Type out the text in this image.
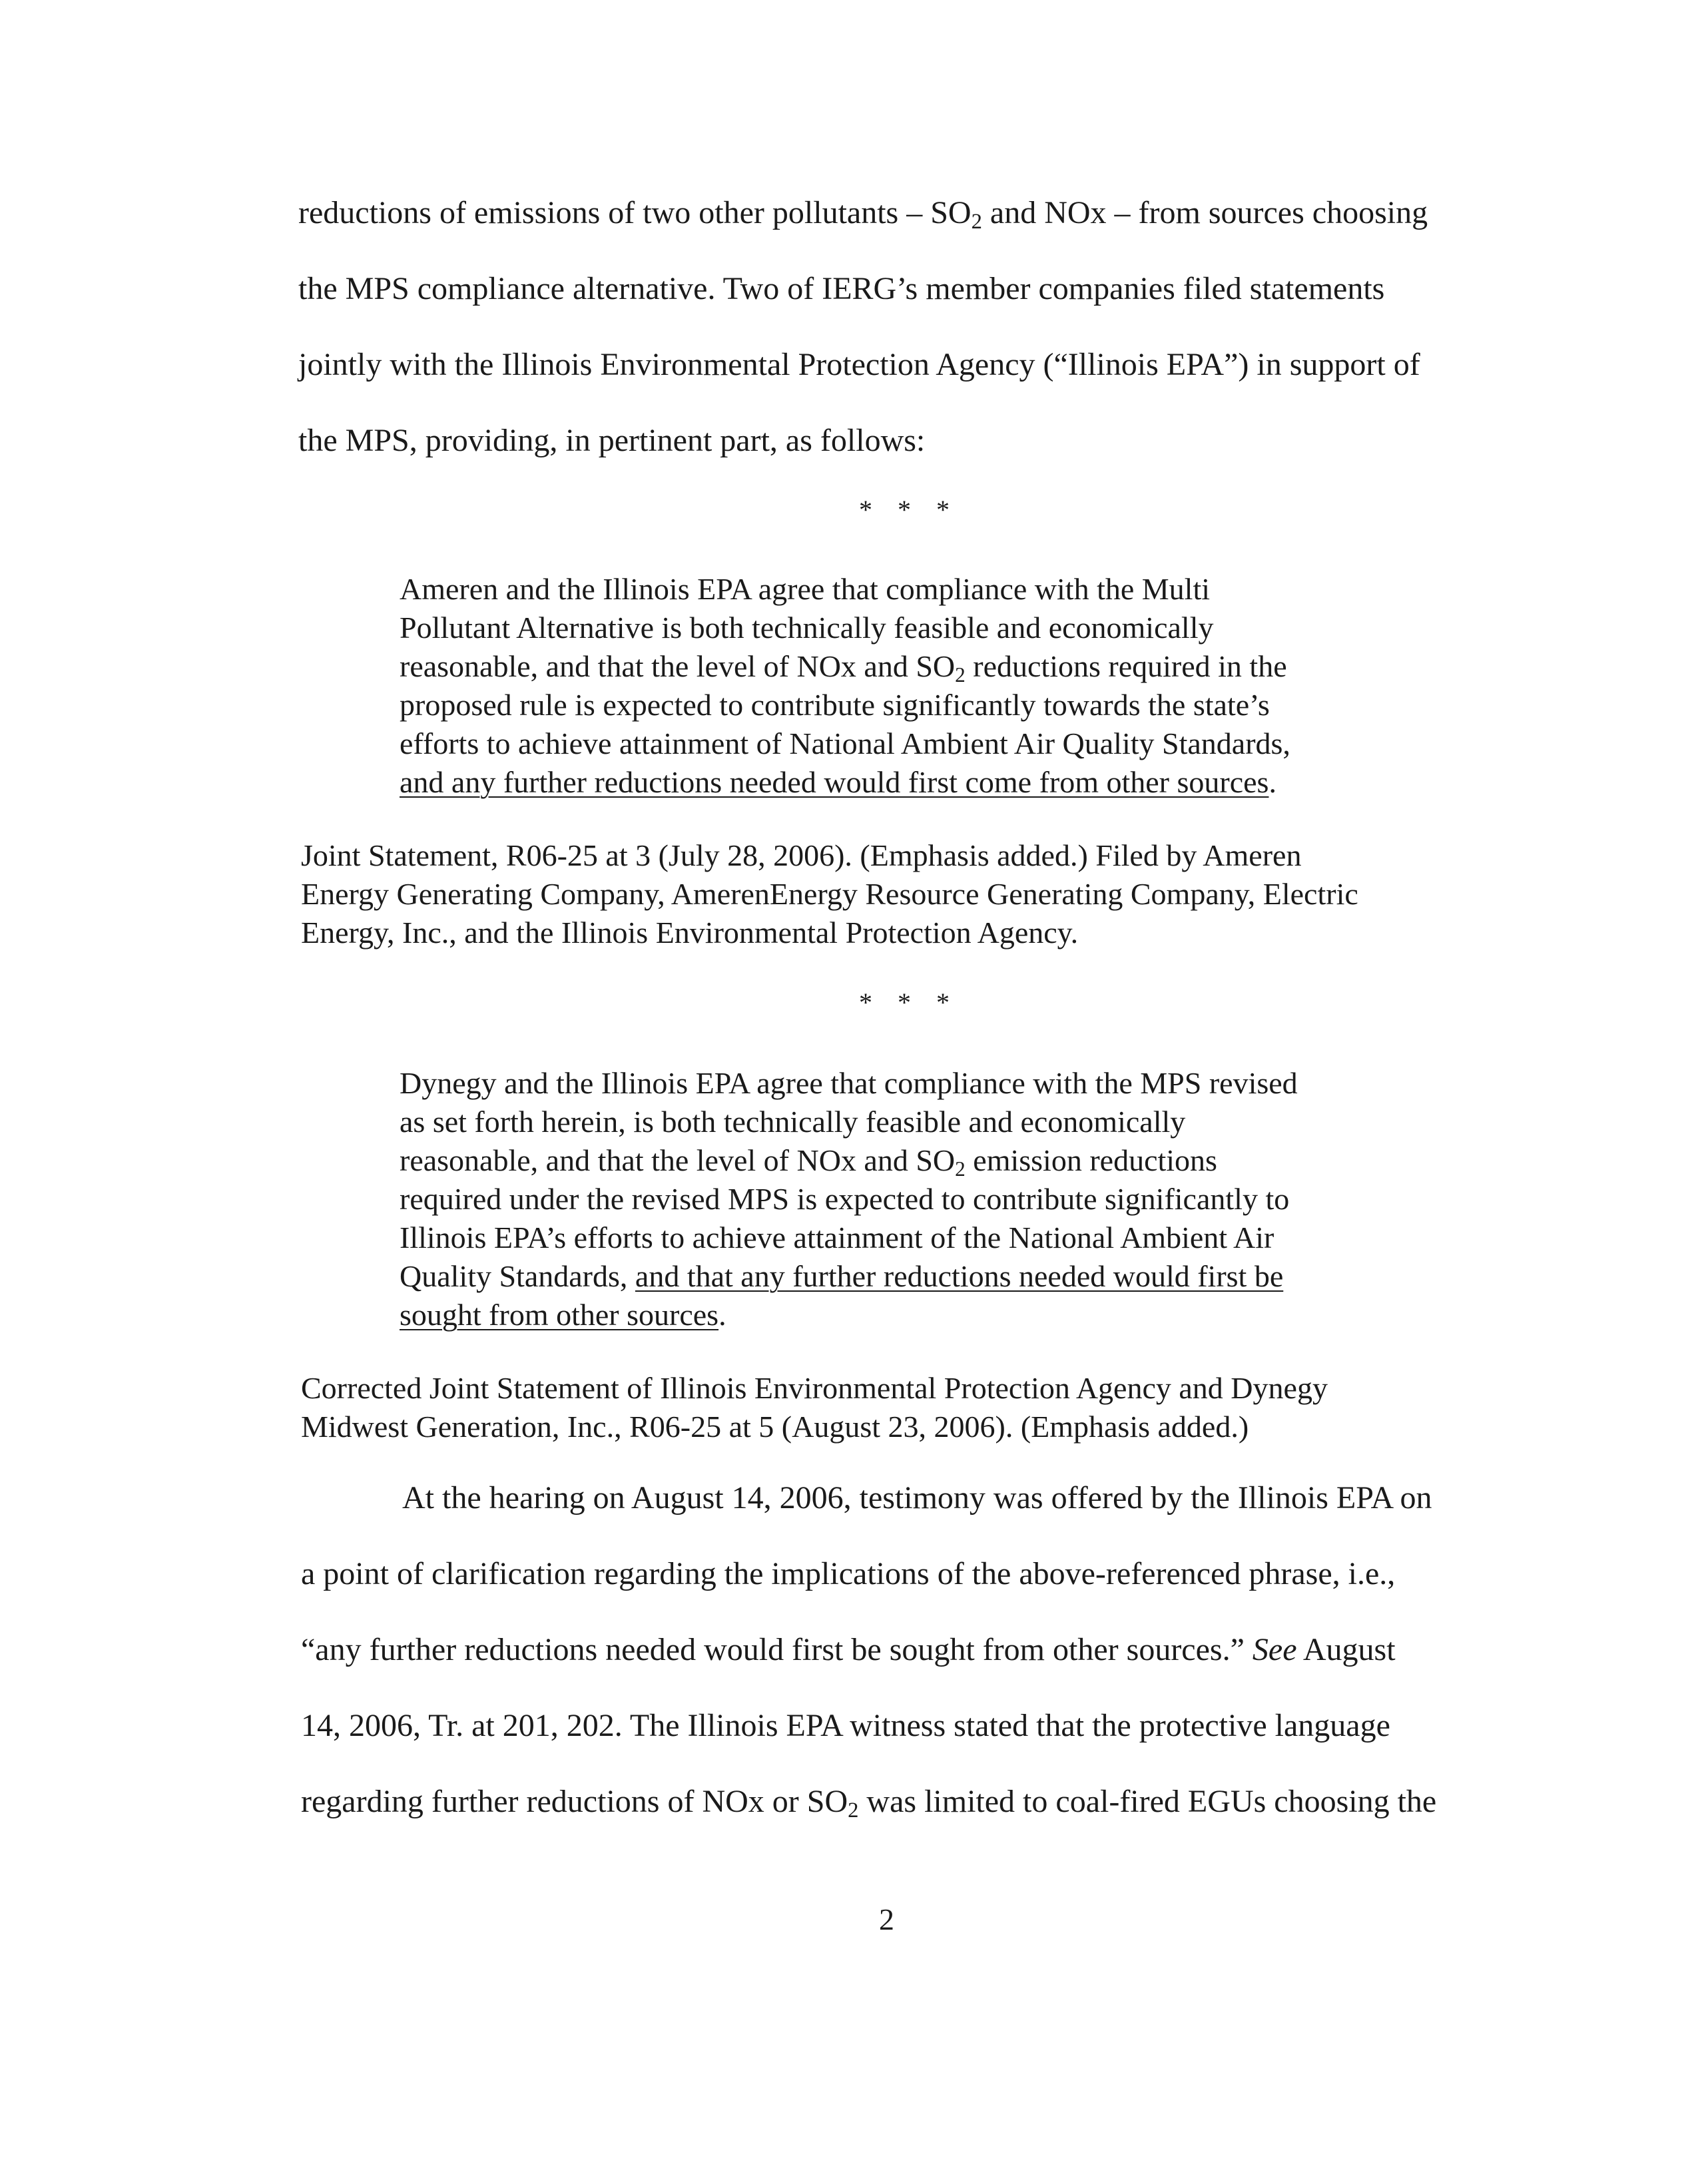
reductions of emissions of two other pollutants – $SO_2$ and NOx – from sources choosing
the MPS compliance alternative. Two of IERG’s member companies filed statements
jointly with the Illinois Environmental Protection Agency (“Illinois EPA”) in support of
the MPS, providing, in pertinent part, as follows:
* * *
Ameren and the Illinois EPA agree that compliance with the Multi
Pollutant Alternative is both technically feasible and economically
reasonable, and that the level of NOx and $SO_2$ reductions required in the
proposed rule is expected to contribute significantly towards the state’s
efforts to achieve attainment of National Ambient Air Quality Standards,
and any further reductions needed would first come from other sources.
Joint Statement, R06-25 at 3 (July 28, 2006). (Emphasis added.) Filed by Ameren
Energy Generating Company, AmerenEnergy Resource Generating Company, Electric
Energy, Inc., and the Illinois Environmental Protection Agency.
* * *
Dynegy and the Illinois EPA agree that compliance with the MPS revised
as set forth herein, is both technically feasible and economically
reasonable, and that the level of NOx and $SO_2$ emission reductions
required under the revised MPS is expected to contribute significantly to
Illinois EPA’s efforts to achieve attainment of the National Ambient Air
Quality Standards, and that any further reductions needed would first be
sought from other sources.
Corrected Joint Statement of Illinois Environmental Protection Agency and Dynegy
Midwest Generation, Inc., R06-25 at 5 (August 23, 2006). (Emphasis added.)
At the hearing on August 14, 2006, testimony was offered by the Illinois EPA on
a point of clarification regarding the implications of the above-referenced phrase, i.e.,
“any further reductions needed would first be sought from other sources.” See August
14, 2006, Tr. at 201, 202. The Illinois EPA witness stated that the protective language
regarding further reductions of NOx or $SO_2$ was limited to coal-fired EGUs choosing the
2
